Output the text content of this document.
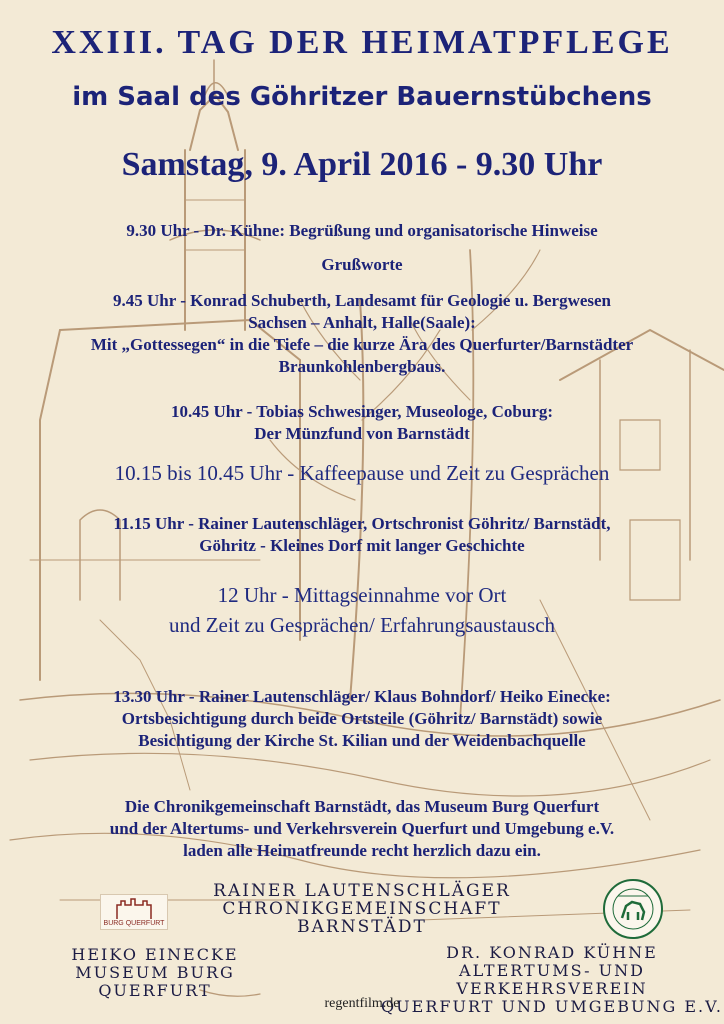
XXIII. TAG DER HEIMATPFLEGE
im Saal des Göhritzer Bauernstübchens
Samstag, 9. April 2016 - 9.30 Uhr
9.30 Uhr - Dr. Kühne: Begrüßung und organisatorische Hinweise
Grußworte
9.45 Uhr - Konrad Schuberth, Landesamt für Geologie u. Bergwesen
Sachsen – Anhalt, Halle(Saale):
Mit „Gottessegen“ in die Tiefe – die kurze Ära des Querfurter/Barnstädter
Braunkohlenbergbaus.
10.45 Uhr - Tobias Schwesinger, Museologe, Coburg:
Der Münzfund von Barnstädt
10.15 bis 10.45 Uhr - Kaffeepause und Zeit zu Gesprächen
11.15 Uhr - Rainer Lautenschläger, Ortschronist Göhritz/ Barnstädt,
Göhritz - Kleines Dorf mit langer Geschichte
12 Uhr - Mittagseinnahme vor Ort
und Zeit zu Gesprächen/ Erfahrungsaustausch
13.30 Uhr - Rainer Lautenschläger/ Klaus Bohndorf/ Heiko Einecke:
Ortsbesichtigung durch beide Ortsteile (Göhritz/ Barnstädt) sowie
Besichtigung der Kirche St. Kilian und der Weidenbachquelle
Die Chronikgemeinschaft Barnstädt, das Museum Burg Querfurt
und der Altertums- und Verkehrsverein Querfurt und Umgebung e.V.
laden alle Heimatfreunde recht herzlich dazu ein.
BURG QUERFURT
RAINER LAUTENSCHLÄGER
CHRONIKGEMEINSCHAFT
BARNSTÄDT
HEIKO EINECKE
MUSEUM BURG QUERFURT
DR. KONRAD KÜHNE
ALTERTUMS- UND VERKEHRSVEREIN
QUERFURT UND UMGEBUNG E.V.
regentfilm.de
